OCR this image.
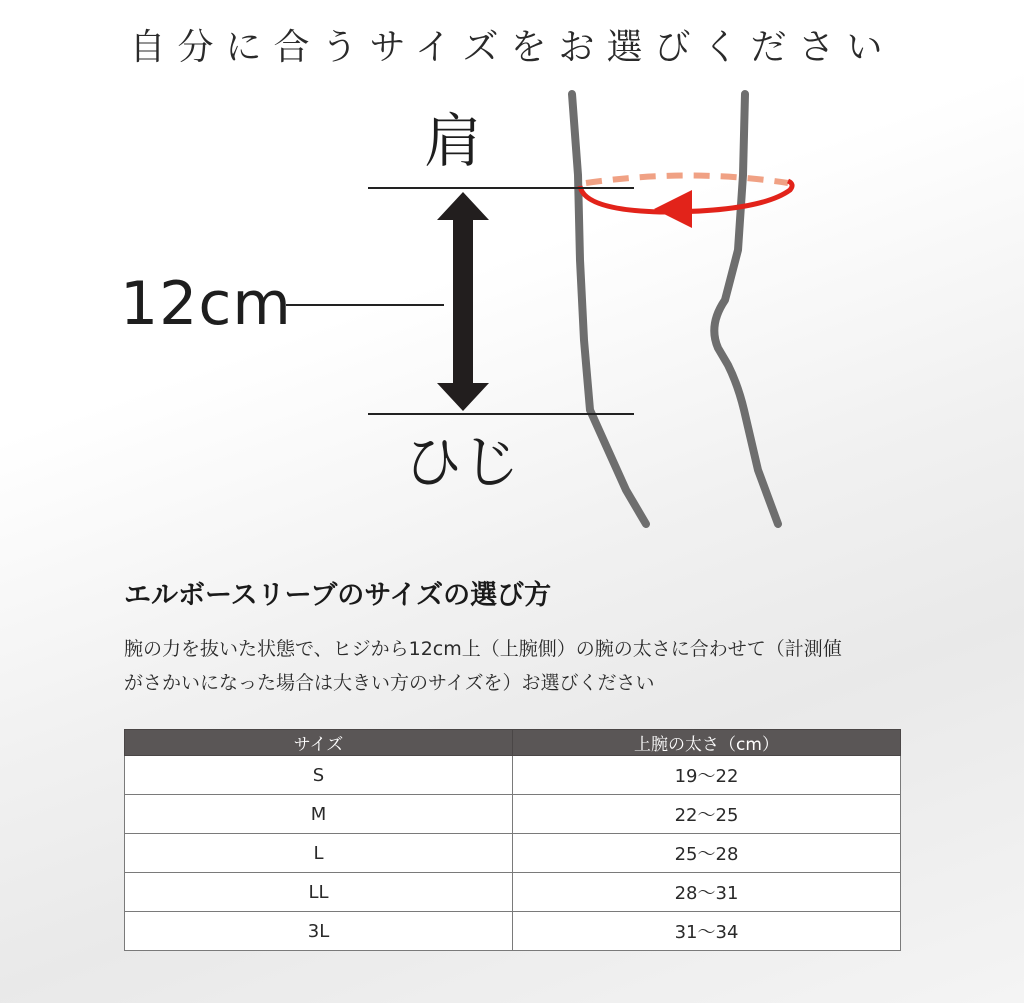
自分に合うサイズをお選びください
肩
12cm
ひじ
エルボースリーブのサイズの選び方

腕の力を抜いた状態で、ヒジから12cm上（上腕側）の腕の太さに合わせて（計測値
がさかいになった場合は大きい方のサイズを）お選びください

サイズ	上腕の太さ（cm）
S	19〜22
M	22〜25
L	25〜28
LL	28〜31
3L	31〜34
